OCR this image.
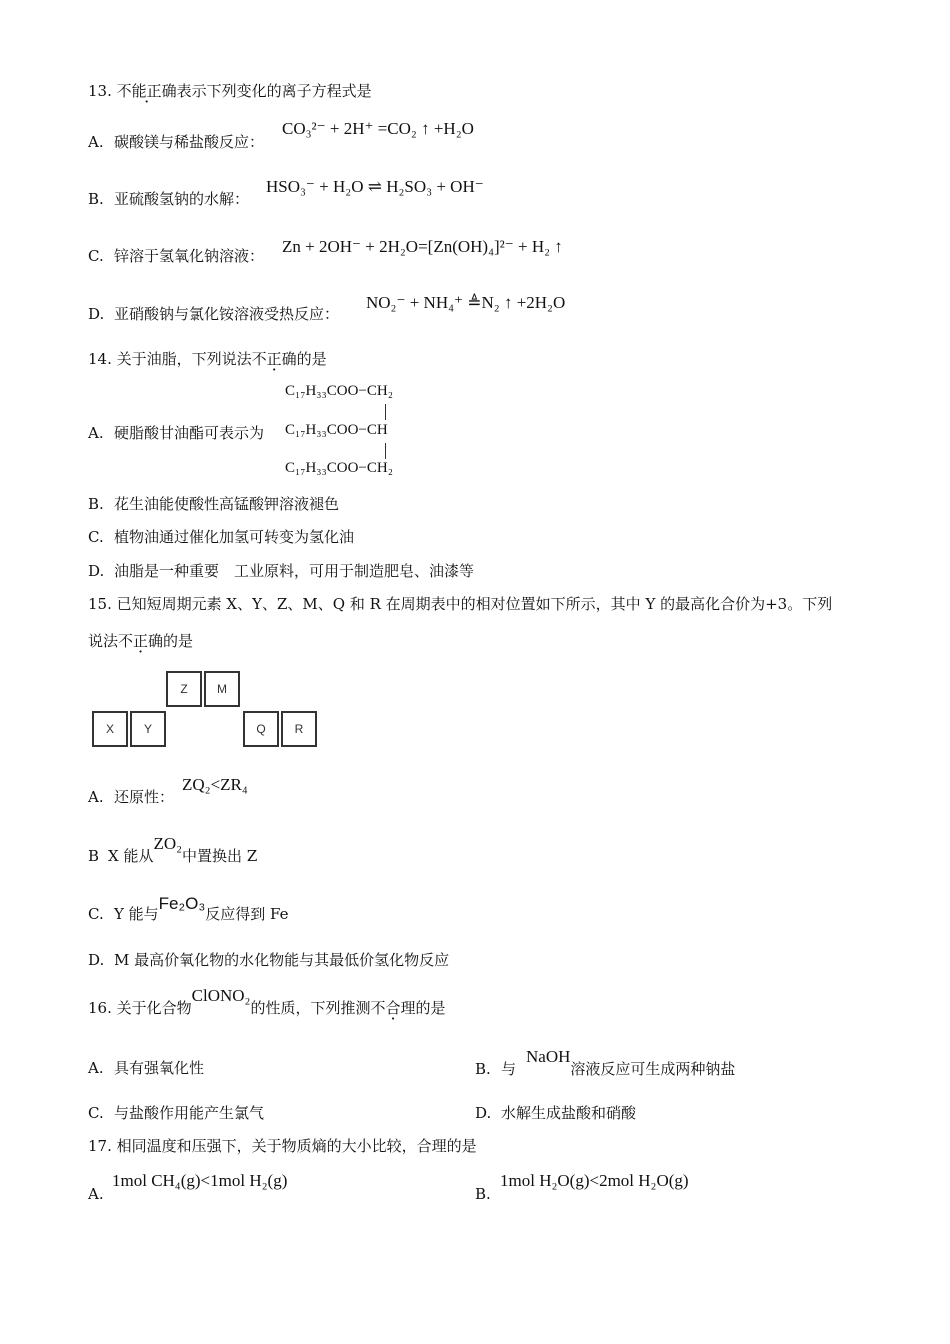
13. 不能正确表示下列变化的离子方程式是
A. 碳酸镁与稀盐酸反应：
CO₃²⁻ + 2H⁺ =CO₂ ↑ +H₂O
B. 亚硫酸氢钠的水解：
HSO₃⁻ + H₂O ⇌ H₂SO₃ + OH⁻
C. 锌溶于氢氧化钠溶液： Zn + 2OH⁻ + 2H₂O=[Zn(OH)₄]²⁻ + H₂ ↑
D. 亚硝酸钠与氯化铵溶液受热反应：
NO₂⁻ + NH₄⁺ ≜N₂ ↑ +2H₂O
14. 关于油脂，下列说法不正确的是
C₁₇H₃₃COO−CH₂
A. 硬脂酸甘油酯可表示为 C₁₇H₃₃COO−CH
C₁₇H₃₃COO−CH₂
B. 花生油能使酸性高锰酸钾溶液褪色
C. 植物油通过催化加氢可转变为氢化油
D. 油脂是一种重要　工业原料，可用于制造肥皂、油漆等
15. 已知短周期元素 X、Y、Z、M、Q 和 R 在周期表中的相对位置如下所示，其中 Y 的最高化合价为+3。下列
说法不正确的是
Z	M
X	Y	Q	R
A. 还原性：
ZQ₂<ZR₄
B X 能从ZO₂中置换出 Z
C. Y 能与Fe₂O₃反应得到 Fe
D. M 最高价氧化物的水化物能与其最低价氢化物反应
16. 关于化合物ClONO₂的性质，下列推测不合理的是
A. 具有强氧化性	B. 与NaOH溶液反应可生成两种钠盐
C. 与盐酸作用能产生氯气	D. 水解生成盐酸和硝酸
17. 相同温度和压强下，关于物质熵的大小比较，合理的是
A.
1mol CH₄(g)<1mol H₂(g)
B.
1mol H₂O(g)<2mol H₂O(g)
